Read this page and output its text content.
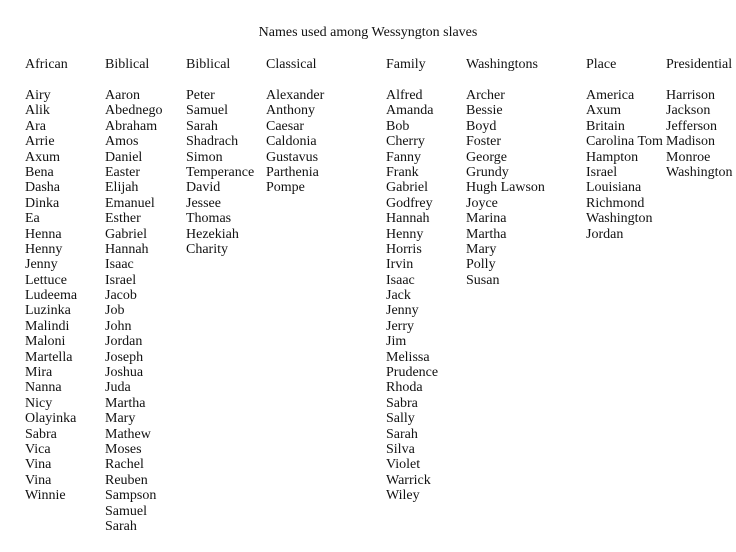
Names used among Wessyngton slaves
African
Airy
Alik
Ara
Arrie
Axum
Bena
Dasha
Dinka
Ea
Henna
Henny
Jenny
Lettuce
Ludeema
Luzinka
Malindi
Maloni
Martella
Mira
Nanna
Nicy
Olayinka
Sabra
Vica
Vina
Vina
Winnie
Biblical
Aaron
Abednego
Abraham
Amos
Daniel
Easter
Elijah
Emanuel
Esther
Gabriel
Hannah
Isaac
Israel
Jacob
Job
John
Jordan
Joseph
Joshua
Juda
Martha
Mary
Mathew
Moses
Rachel
Reuben
Sampson
Samuel
Sarah
Biblical
Peter
Samuel
Sarah
Shadrach
Simon
Temperance
David
Jessee
Thomas
Hezekiah
Charity
Classical
Alexander
Anthony
Caesar
Caldonia
Gustavus
Parthenia
Pompe
Family
Alfred
Amanda
Bob
Cherry
Fanny
Frank
Gabriel
Godfrey
Hannah
Henny
Horris
Irvin
Isaac
Jack
Jenny
Jerry
Jim
Melissa
Prudence
Rhoda
Sabra
Sally
Sarah
Silva
Violet
Warrick
Wiley
Washingtons
Archer
Bessie
Boyd
Foster
George
Grundy
Hugh Lawson
Joyce
Marina
Martha
Mary
Polly
Susan
Place
America
Axum
Britain
Carolina Tom
Hampton
Israel
Louisiana
Richmond
Washington
Jordan
Presidential
Harrison
Jackson
Jefferson
Madison
Monroe
Washington
